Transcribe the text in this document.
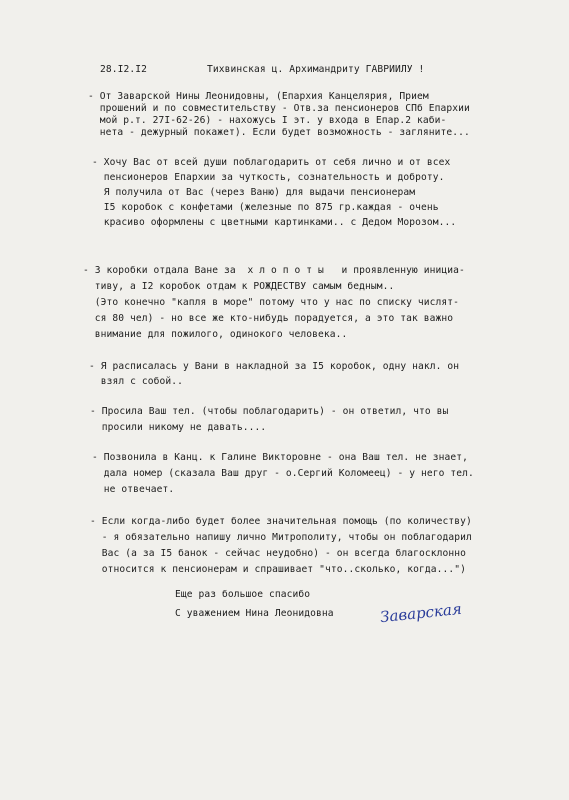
28.I2.I2	Тихвинская ц. Архимандриту ГАВРИИЛУ !
- От Заварской Нины Леонидовны, (Епархия Канцелярия, Прием
прошений и по совместительству - Отв.за пенсионеров СПб Епархии
мой р.т. 27I-62-26) - нахожусь I эт. у входа в Епар.2 каби-
нета - дежурный покажет). Если будет возможность - загляните...
- Хочу Вас от всей души поблагодарить от себя лично и от всех
пенсионеров Епархии за чуткость, сознательность и доброту.
Я получила от Вас (через Ваню) для выдачи пенсионерам
I5 коробок с конфетами (железные по 875 гр.каждая - очень
красиво оформлены с цветными картинками.. с Дедом Морозом...
- 3 коробки отдала Ване за  х л о п о т ы   и проявленную инициа-
тиву, а I2 коробок отдам к РОЖДЕСТВУ самым бедным..
(Это конечно "капля в море" потому что у нас по списку числят-
ся 80 чел) - но все же кто-нибудь порадуется, а это так важно
внимание для пожилого, одинокого человека..
- Я расписалась у Вани в накладной за I5 коробок, одну накл. он
взял с собой..
- Просила Ваш тел. (чтобы поблагодарить) - он ответил, что вы
просили никому не давать....
- Позвонила в Канц. к Галине Викторовне - она Ваш тел. не знает,
дала номер (сказала Ваш друг - о.Сергий Коломеец) - у него тел.
не отвечает.
- Если когда-либо будет более значительная помощь (по количеству)
- я обязательно напишу лично Митрополиту, чтобы он поблагодарил
Вас (а за I5 банок - сейчас неудобно) - он всегда благосклонно
относится к пенсионерам и спрашивает "что..сколько, когда...")
Еще раз большое спасибо
С уважением Нина Леонидовна	Заварская
